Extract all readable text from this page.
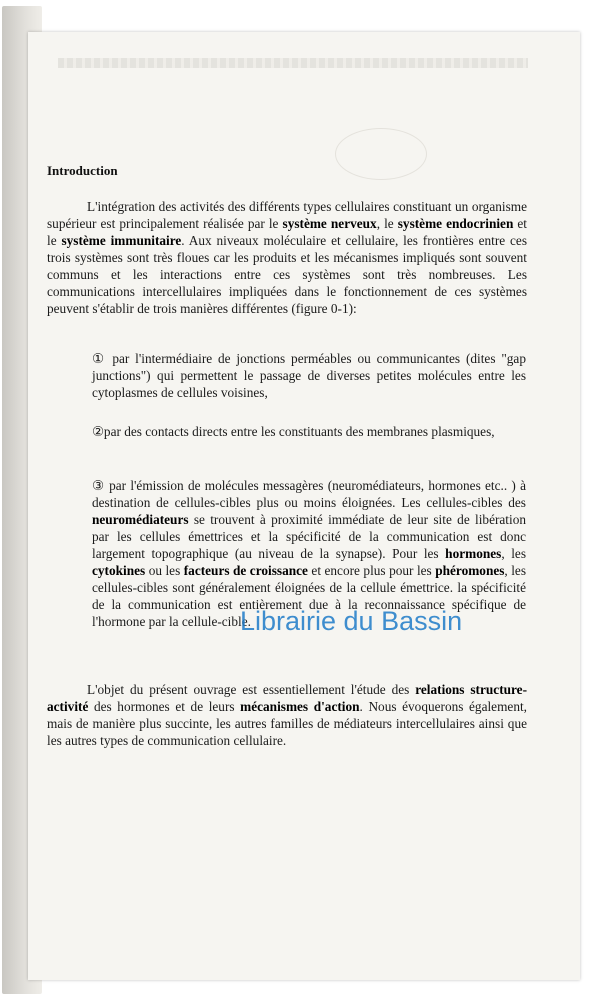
Introduction
L'intégration des activités des différents types cellulaires constituant un organisme supérieur est principalement réalisée par le système nerveux, le système endocrinien et le système immunitaire. Aux niveaux moléculaire et cellulaire, les frontières entre ces trois systèmes sont très floues car les produits et les mécanismes impliqués sont souvent communs et les interactions entre ces systèmes sont très nombreuses. Les communications intercellulaires impliquées dans le fonctionnement de ces systèmes peuvent s'établir de trois manières différentes (figure 0-1):
① par l'intermédiaire de jonctions perméables ou communicantes (dites "gap junctions") qui permettent le passage de diverses petites molécules entre les cytoplasmes de cellules voisines,
②par des contacts directs entre les constituants des membranes plasmiques,
③ par l'émission de molécules messagères (neuromédiateurs, hormones etc.. ) à destination de cellules-cibles plus ou moins éloignées. Les cellules-cibles des neuromédiateurs se trouvent à proximité immédiate de leur site de libération par les cellules émettrices et la spécificité de la communication est donc largement topographique (au niveau de la synapse). Pour les hormones, les cytokines ou les facteurs de croissance et encore plus pour les phéromones, les cellules-cibles sont généralement éloignées de la cellule émettrice. la spécificité de la communication est entièrement due à la reconnaissance spécifique de l'hormone par la cellule-cible.
L'objet du présent ouvrage est essentiellement l'étude des relations structure-activité des hormones et de leurs mécanismes d'action. Nous évoquerons également, mais de manière plus succinte, les autres familles de médiateurs intercellulaires ainsi que les autres types de communication cellulaire.
Librairie du Bassin
